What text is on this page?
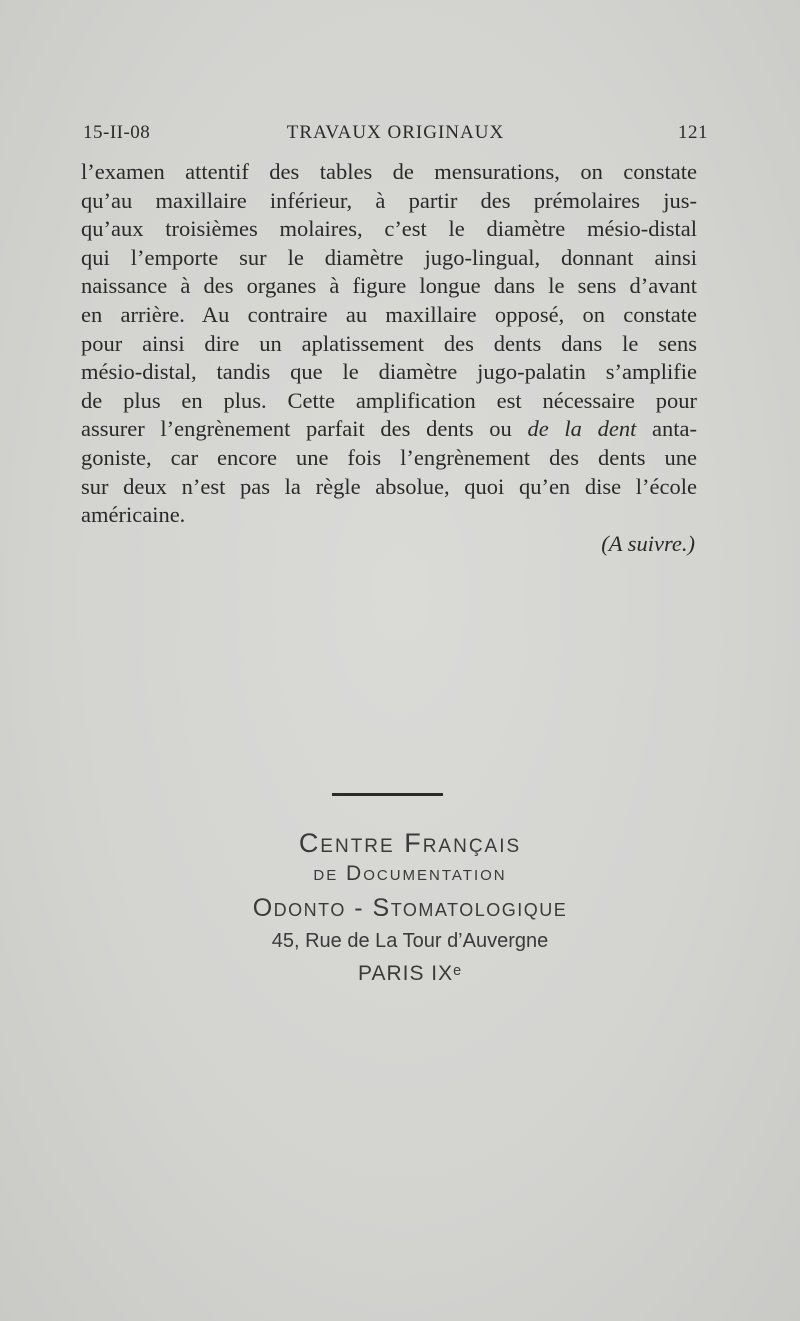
15-II-08	TRAVAUX ORIGINAUX	121
l’examen attentif des tables de mensurations, on constate
qu’au maxillaire inférieur, à partir des prémolaires jus-
qu’aux troisièmes molaires, c’est le diamètre mésio-distal
qui l’emporte sur le diamètre jugo-lingual, donnant ainsi
naissance à des organes à figure longue dans le sens d’avant
en arrière. Au contraire au maxillaire opposé, on constate
pour ainsi dire un aplatissement des dents dans le sens
mésio-distal, tandis que le diamètre jugo-palatin s’amplifie
de plus en plus. Cette amplification est nécessaire pour
assurer l’engrènement parfait des dents ou de la dent anta-
goniste, car encore une fois l’engrènement des dents une
sur deux n’est pas la règle absolue, quoi qu’en dise l’école
américaine.
(A suivre.)
Centre Français
de Documentation
Odonto - Stomatologique
45, Rue de La Tour d’Auvergne
PARIS IXᵉ
